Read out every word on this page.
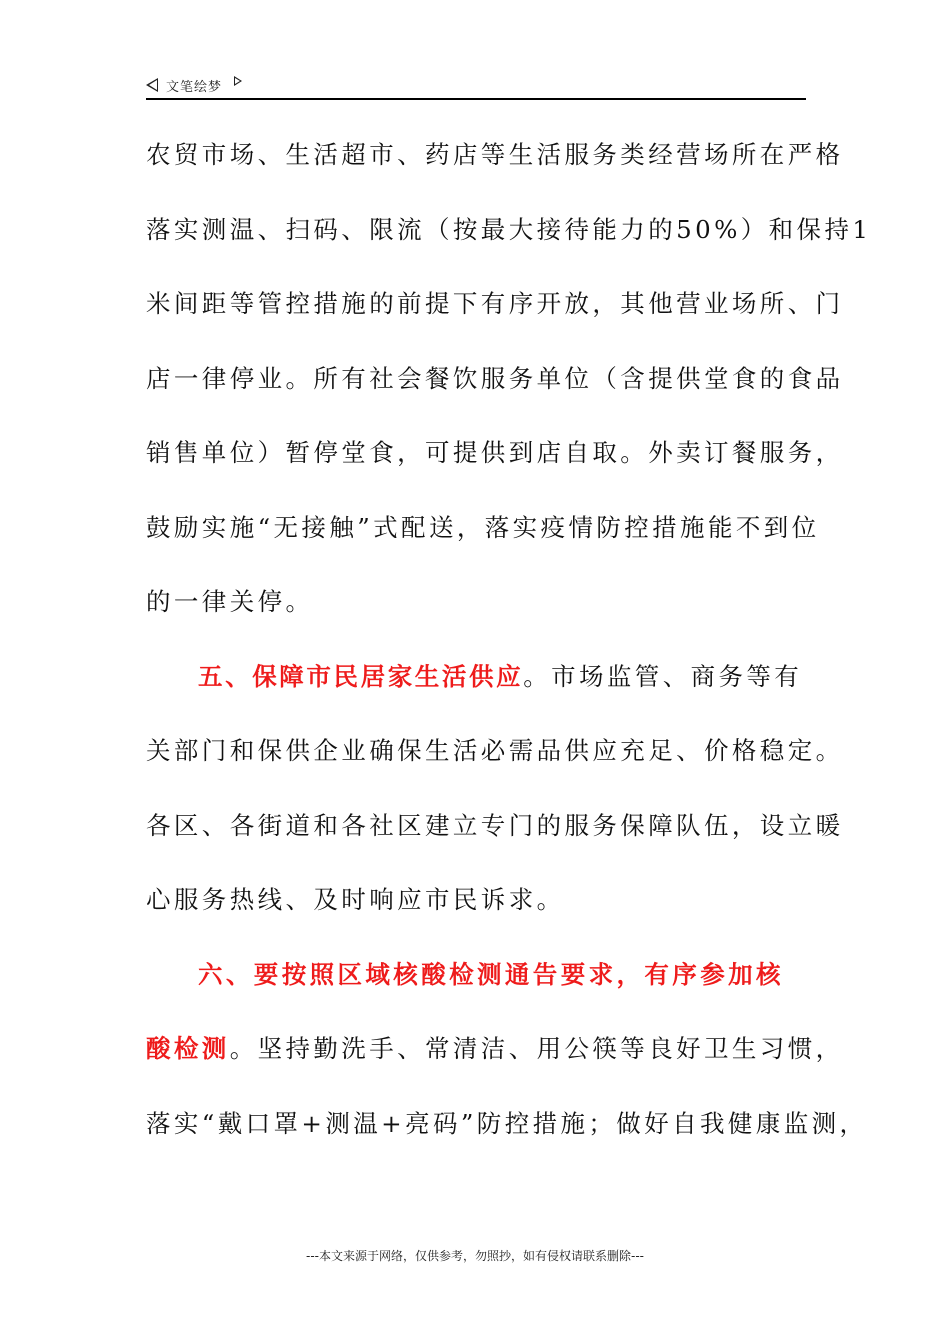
文笔绘梦
农贸市场、生活超市、药店等生活服务类经营场所在严格
落实测温、扫码、限流（按最大接待能力的50%）和保持1
米间距等管控措施的前提下有序开放，其他营业场所、门
店一律停业。所有社会餐饮服务单位（含提供堂食的食品
销售单位）暂停堂食，可提供到店自取。外卖订餐服务，
鼓励实施“无接触”式配送，落实疫情防控措施能不到位
的一律关停。
五、保障市民居家生活供应。市场监管、商务等有
关部门和保供企业确保生活必需品供应充足、价格稳定。
各区、各街道和各社区建立专门的服务保障队伍，设立暖
心服务热线、及时响应市民诉求。
六、要按照区域核酸检测通告要求，有序参加核
酸检测。坚持勤洗手、常清洁、用公筷等良好卫生习惯，
落实“戴口罩+测温+亮码”防控措施；做好自我健康监测，
---本文来源于网络，仅供参考，勿照抄，如有侵权请联系删除---
